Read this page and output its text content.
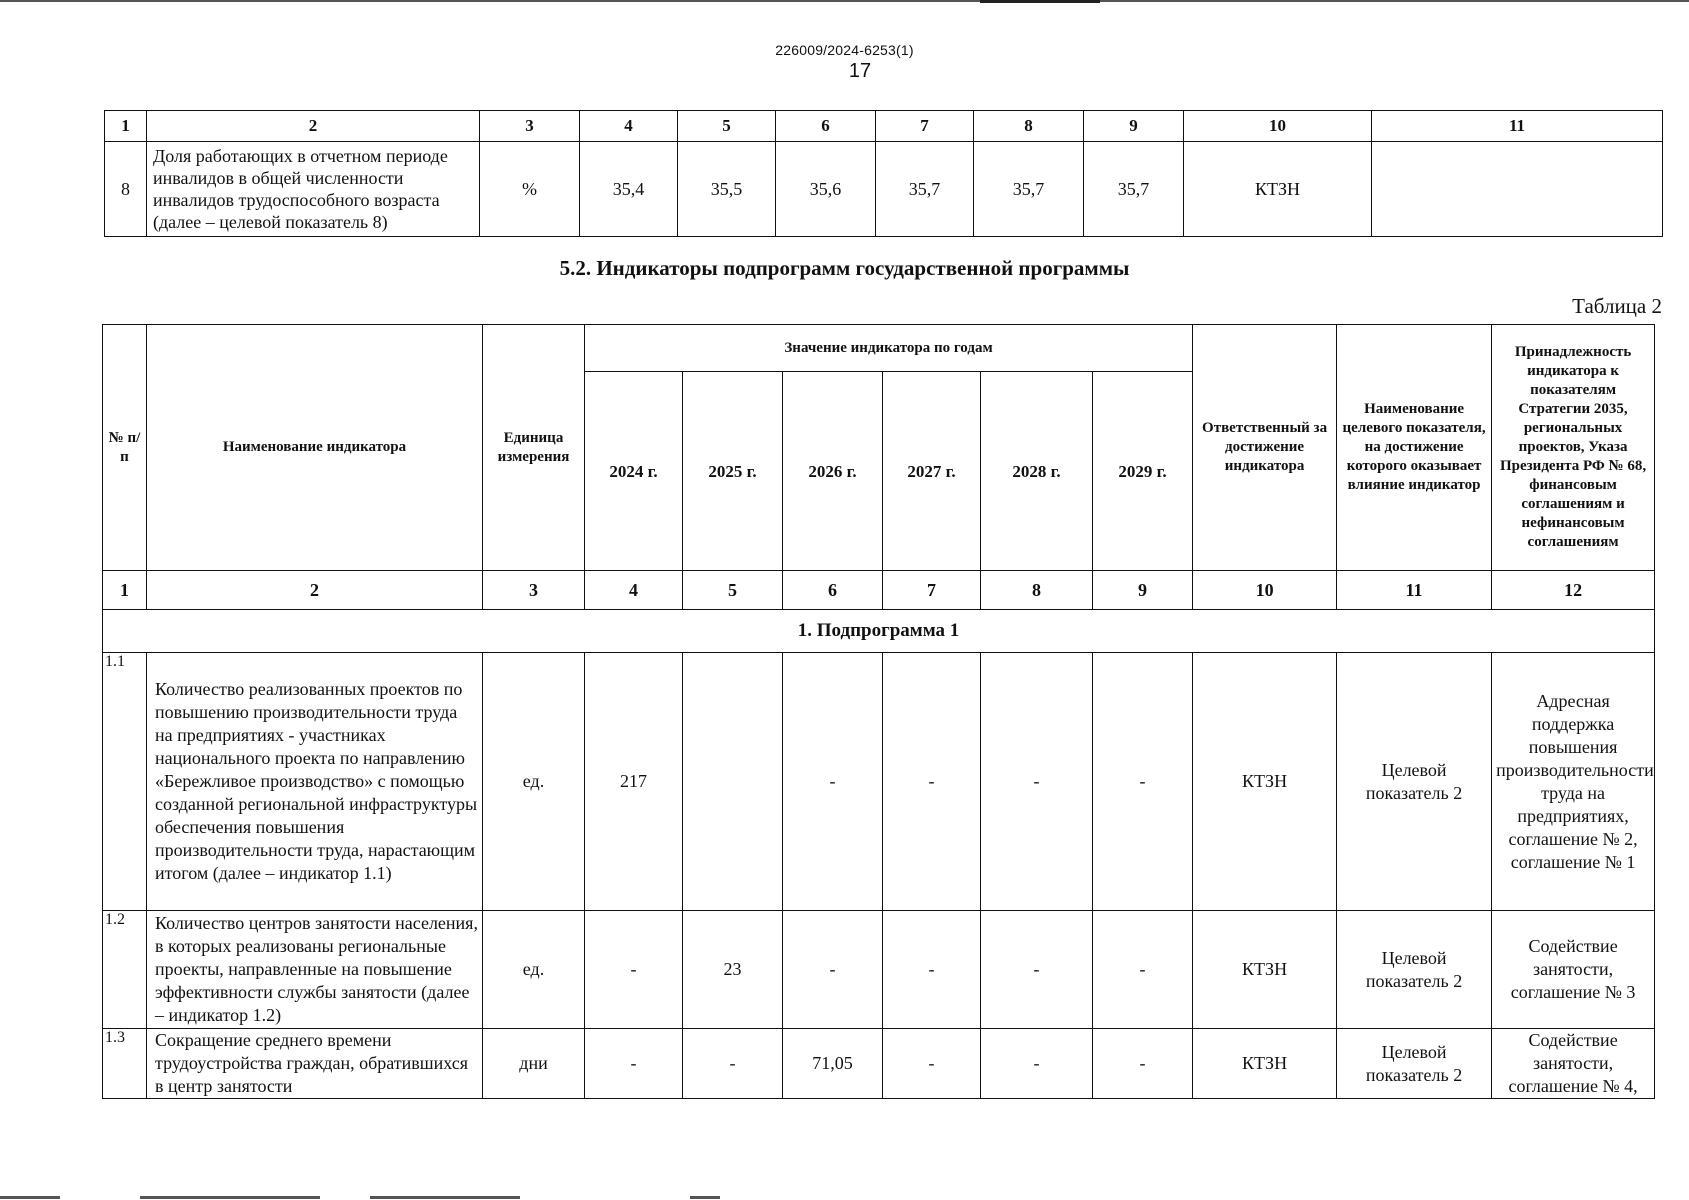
226009/2024-6253(1)
17
1	2	3	4	5	6	7	8	9	10	11
8	Доля работающих в отчетном периоде инвалидов в общей численности инвалидов трудоспособного возраста (далее – целевой показатель 8)	%	35,4	35,5	35,6	35,7	35,7	35,7	КТЗН	
5.2. Индикаторы подпрограмм государственной программы
Таблица 2
№ п/п	Наименование индикатора	Единица измерения	Значение индикатора по годам						Ответственный за достижение индикатора	Наименование целевого показателя, на достижение которого оказывает влияние индикатор	Принадлежность индикатора к показателям Стратегии 2035, региональных проектов, Указа Президента РФ № 68, финансовым соглашениям и нефинансовым соглашениям
			2024 г.	2025 г.	2026 г.	2027 г.	2028 г.	2029 г.			
1	2	3	4	5	6	7	8	9	10	11	12
1. Подпрограмма 1											
1.1	Количество реализованных проектов по повышению производительности труда на предприятиях - участниках национального проекта по направлению «Бережливое производство» с помощью созданной региональной инфраструктуры обеспечения повышения производительности труда, нарастающим итогом (далее – индикатор 1.1)	ед.	217		-	-	-	-	КТЗН	Целевой показатель 2	Адресная поддержка повышения производительности труда на предприятиях, соглашение № 2, соглашение № 1
1.2	Количество центров занятости населения, в которых реализованы региональные проекты, направленные на повышение эффективности службы занятости (далее – индикатор 1.2)	ед.	-	23	-	-	-	-	КТЗН	Целевой показатель 2	Содействие занятости, соглашение № 3
1.3	Сокращение среднего времени трудоустройства граждан, обратившихся в центр занятости	дни	-	-	71,05	-	-	-	КТЗН	Целевой показатель 2	Содействие занятости, соглашение № 4,
